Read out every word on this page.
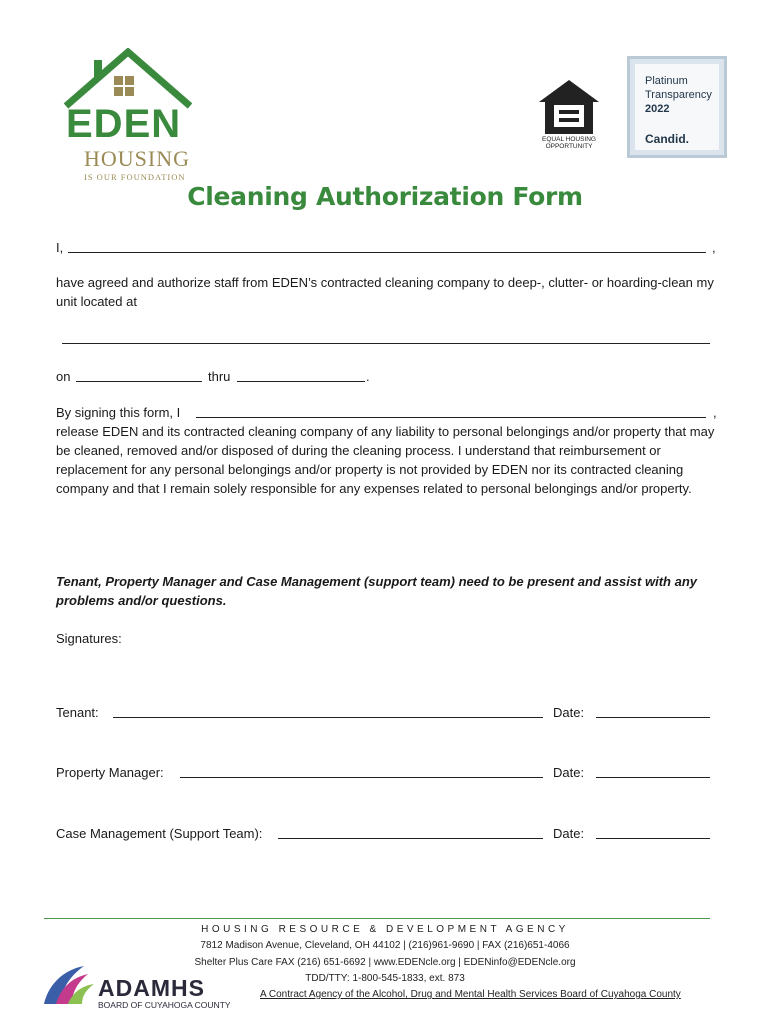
EDEN
HOUSING
IS OUR FOUNDATION
EQUAL HOUSING OPPORTUNITY
Platinum
Transparency
2022
Candid.
Cleaning Authorization Form
I,	,
have agreed and authorize staff from EDEN’s contracted cleaning company to deep-, clutter- or hoarding-clean my unit located at
on	thru	.
By signing this form, I	,
release EDEN and its contracted cleaning company of any liability to personal belongings and/or property that may be cleaned, removed and/or disposed of during the cleaning process. I understand that reimbursement or replacement for any personal belongings and/or property is not provided by EDEN nor its contracted cleaning company and that I remain solely responsible for any expenses related to personal belongings and/or property.
Tenant, Property Manager and Case Management (support team) need to be present and assist with any problems and/or questions.
Signatures:
Tenant:	Date:
Property Manager:	Date:
Case Management (Support Team):	Date:
HOUSING RESOURCE & DEVELOPMENT AGENCY
7812 Madison Avenue, Cleveland, OH 44102 | (216)961-9690 | FAX (216)651-4066
Shelter Plus Care FAX (216) 651-6692 | www.EDENcle.org | EDENinfo@EDENcle.org
TDD/TTY: 1-800-545-1833, ext. 873
A Contract Agency of the Alcohol, Drug and Mental Health Services Board of Cuyahoga County
ADAMHS
BOARD OF CUYAHOGA COUNTY
